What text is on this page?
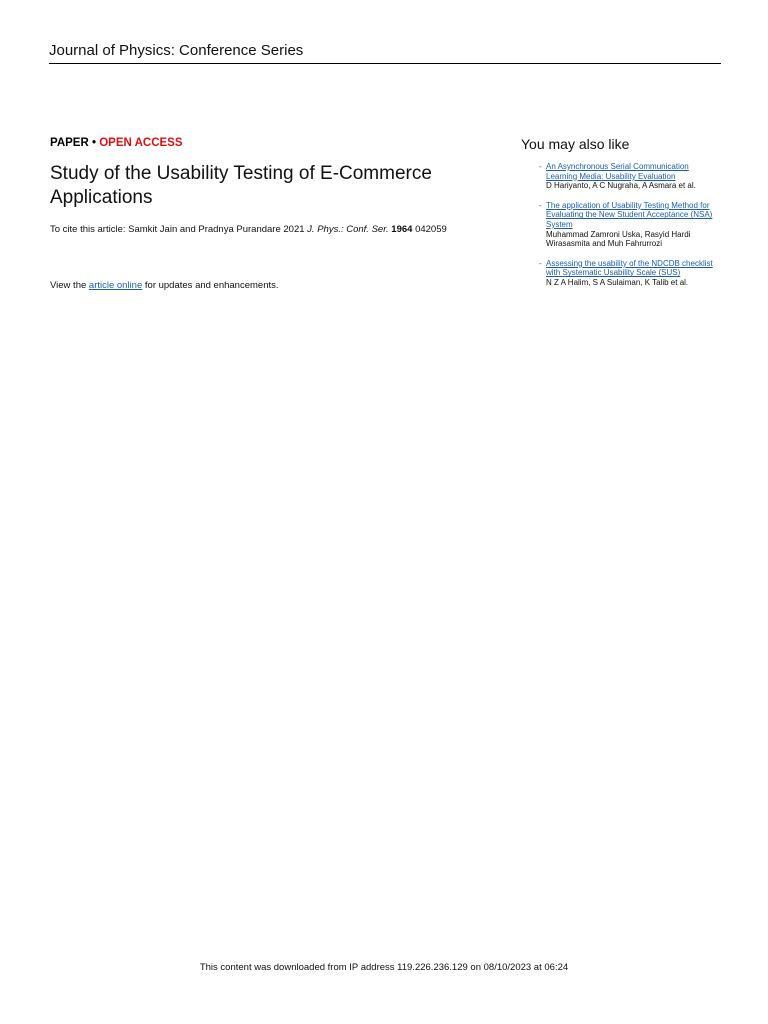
Journal of Physics: Conference Series
PAPER • OPEN ACCESS
Study of the Usability Testing of E-Commerce Applications
To cite this article: Samkit Jain and Pradnya Purandare 2021 J. Phys.: Conf. Ser. 1964 042059
View the article online for updates and enhancements.
You may also like
- An Asynchronous Serial Communication Learning Media: Usability Evaluation
D Hariyanto, A C Nugraha, A Asmara et al.
- The application of Usability Testing Method for Evaluating the New Student Acceptance (NSA) System
Muhammad Zamroni Uska, Rasyid Hardi Wirasasmita and Muh Fahrurrozi
- Assessing the usability of the NDCDB checklist with Systematic Usability Scale (SUS)
N Z A Halim, S A Sulaiman, K Talib et al.
This content was downloaded from IP address 119.226.236.129 on 08/10/2023 at 06:24
